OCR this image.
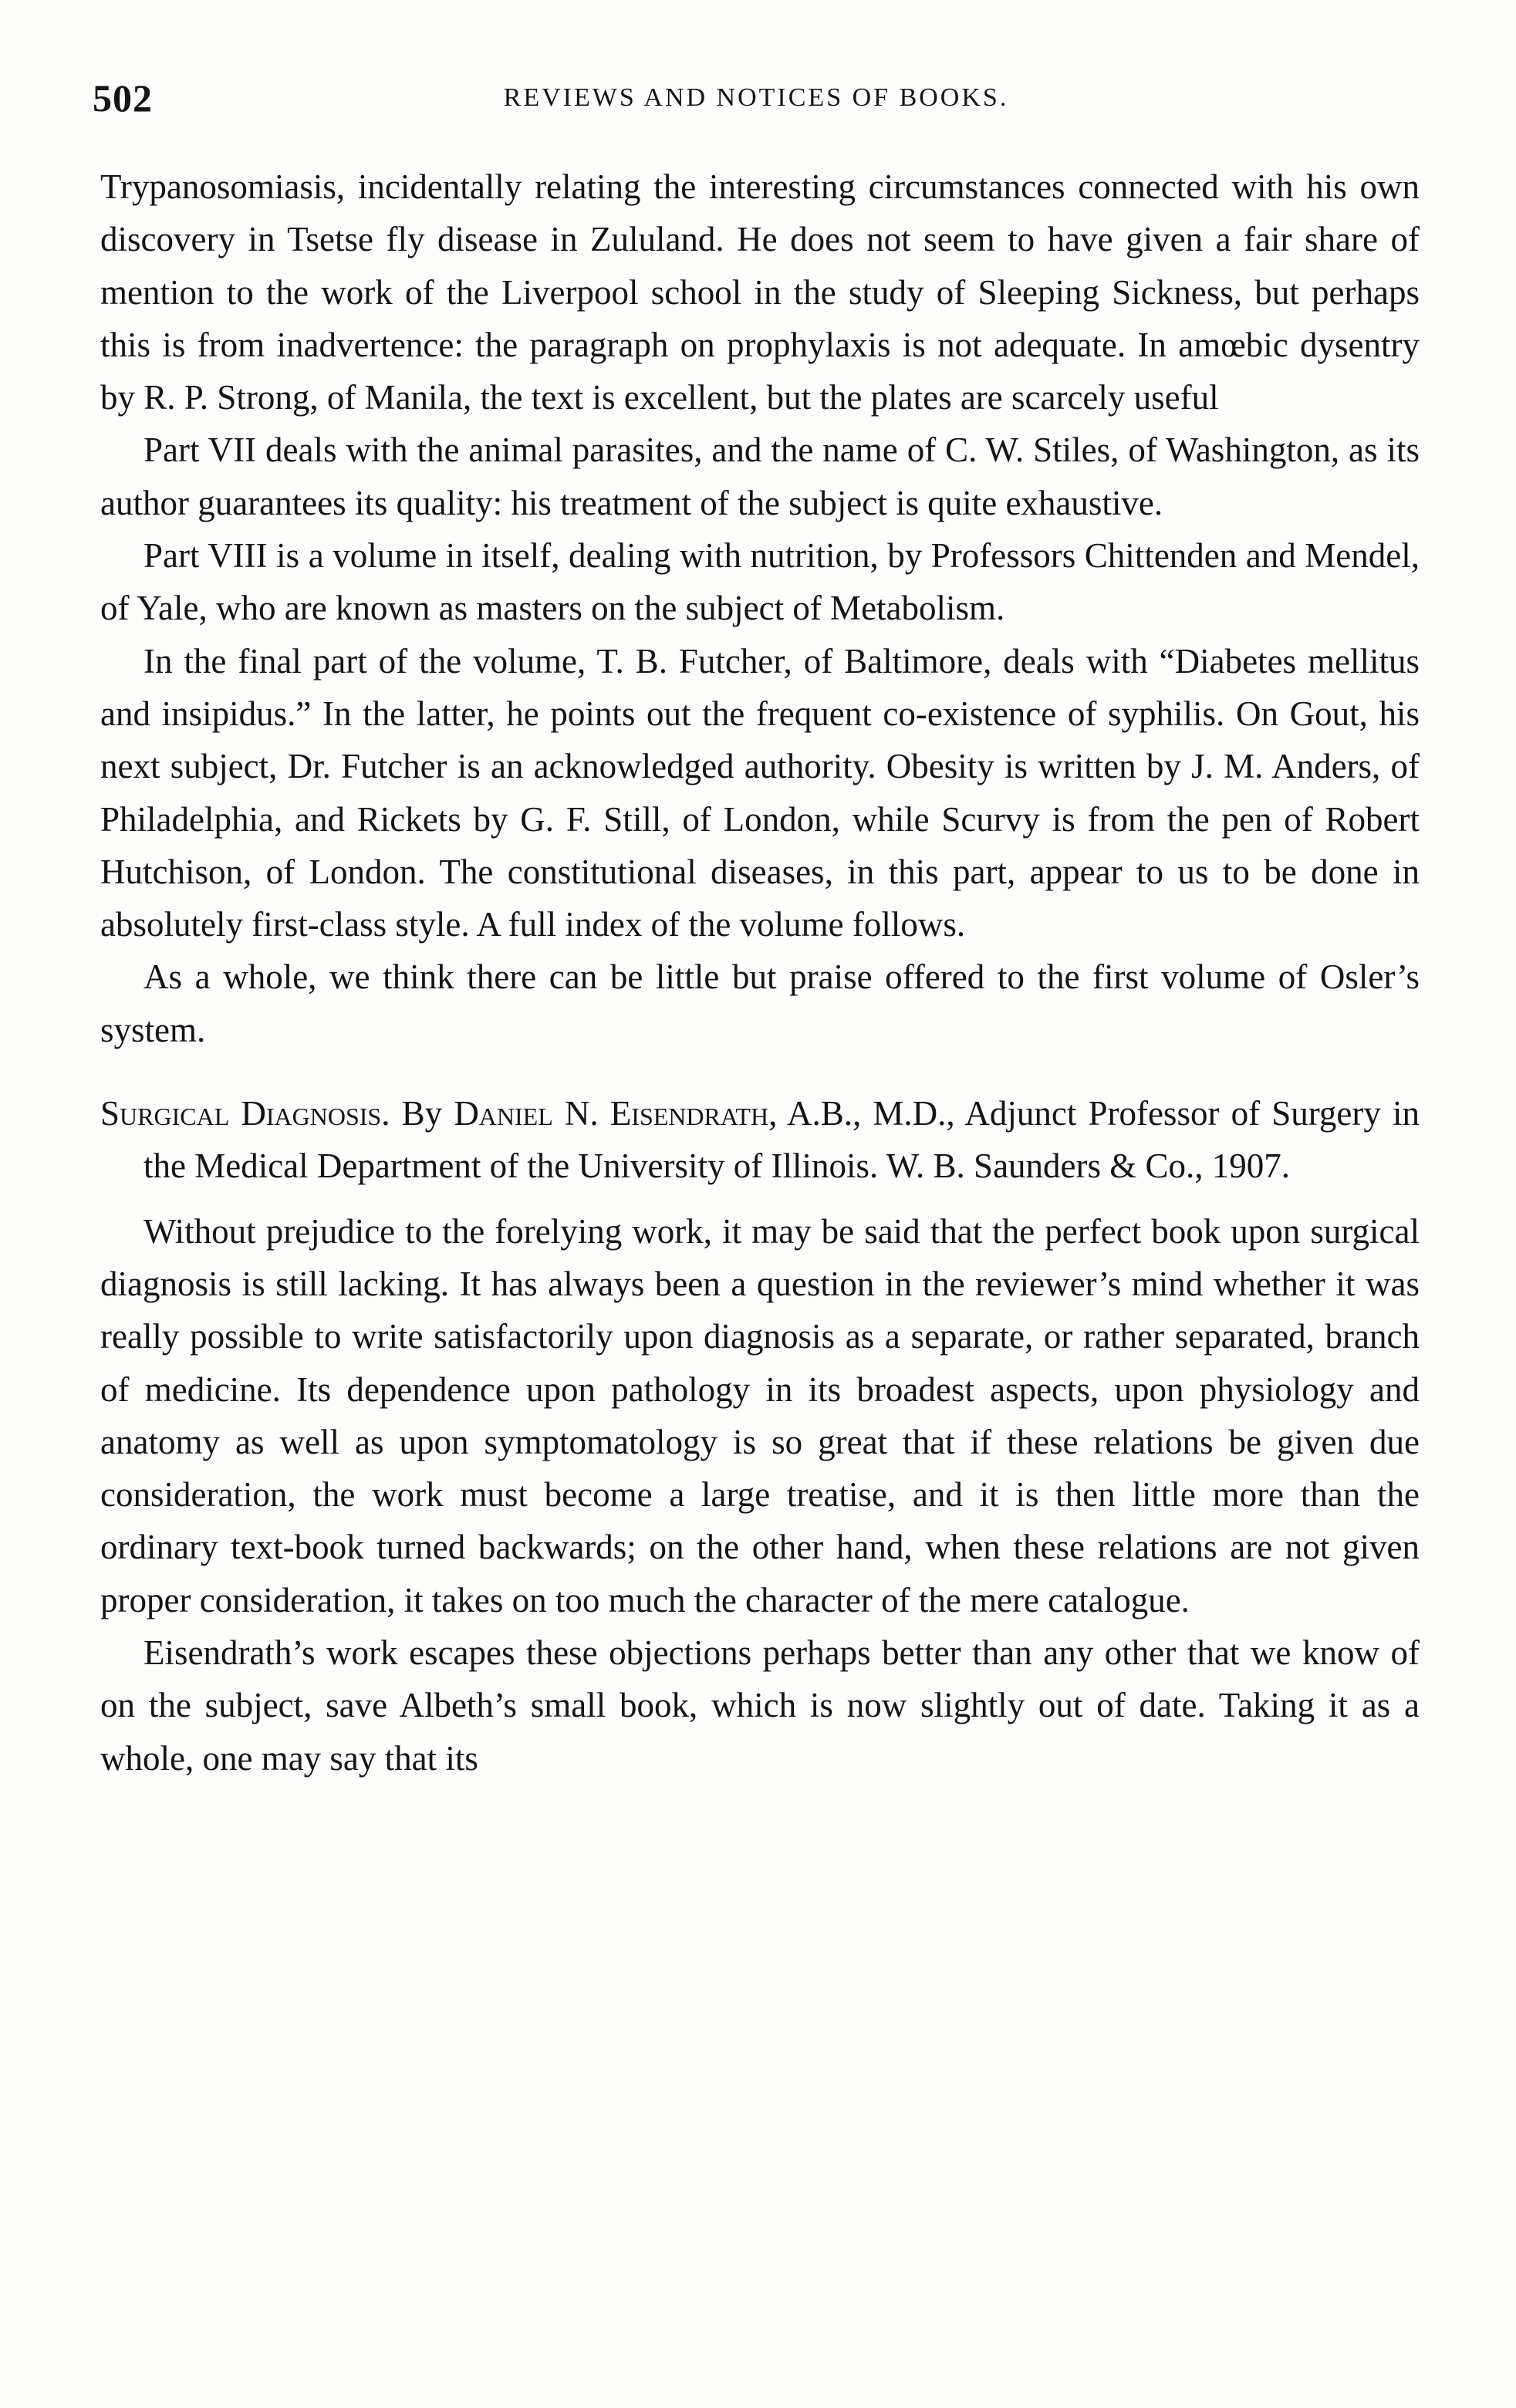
502	REVIEWS AND NOTICES OF BOOKS.

Trypanosomiasis, incidentally relating the interesting circumstances connected with his own discovery in Tsetse fly disease in Zululand. He does not seem to have given a fair share of mention to the work of the Liverpool school in the study of Sleeping Sickness, but perhaps this is from inadvertence: the paragraph on prophylaxis is not adequate. In amœbic dysentry by R. P. Strong, of Manila, the text is excellent, but the plates are scarcely useful

Part VII deals with the animal parasites, and the name of C. W. Stiles, of Washington, as its author guarantees its quality: his treatment of the subject is quite exhaustive.

Part VIII is a volume in itself, dealing with nutrition, by Professors Chittenden and Mendel, of Yale, who are known as masters on the subject of Metabolism.

In the final part of the volume, T. B. Futcher, of Baltimore, deals with “Diabetes mellitus and insipidus.” In the latter, he points out the frequent co-existence of syphilis. On Gout, his next subject, Dr. Futcher is an acknowledged authority. Obesity is written by J. M. Anders, of Philadelphia, and Rickets by G. F. Still, of London, while Scurvy is from the pen of Robert Hutchison, of London. The constitutional diseases, in this part, appear to us to be done in absolutely first-class style. A full index of the volume follows.

As a whole, we think there can be little but praise offered to the first volume of Osler’s system.

Surgical Diagnosis. By Daniel N. Eisendrath, A.B., M.D., Adjunct Professor of Surgery in the Medical Department of the University of Illinois. W. B. Saunders & Co., 1907.

Without prejudice to the forelying work, it may be said that the perfect book upon surgical diagnosis is still lacking. It has always been a question in the reviewer’s mind whether it was really possible to write satisfactorily upon diagnosis as a separate, or rather separated, branch of medicine. Its dependence upon pathology in its broadest aspects, upon physiology and anatomy as well as upon symptomatology is so great that if these relations be given due consideration, the work must become a large treatise, and it is then little more than the ordinary text-book turned backwards; on the other hand, when these relations are not given proper consideration, it takes on too much the character of the mere catalogue.

Eisendrath’s work escapes these objections perhaps better than any other that we know of on the subject, save Albeth’s small book, which is now slightly out of date. Taking it as a whole, one may say that its
